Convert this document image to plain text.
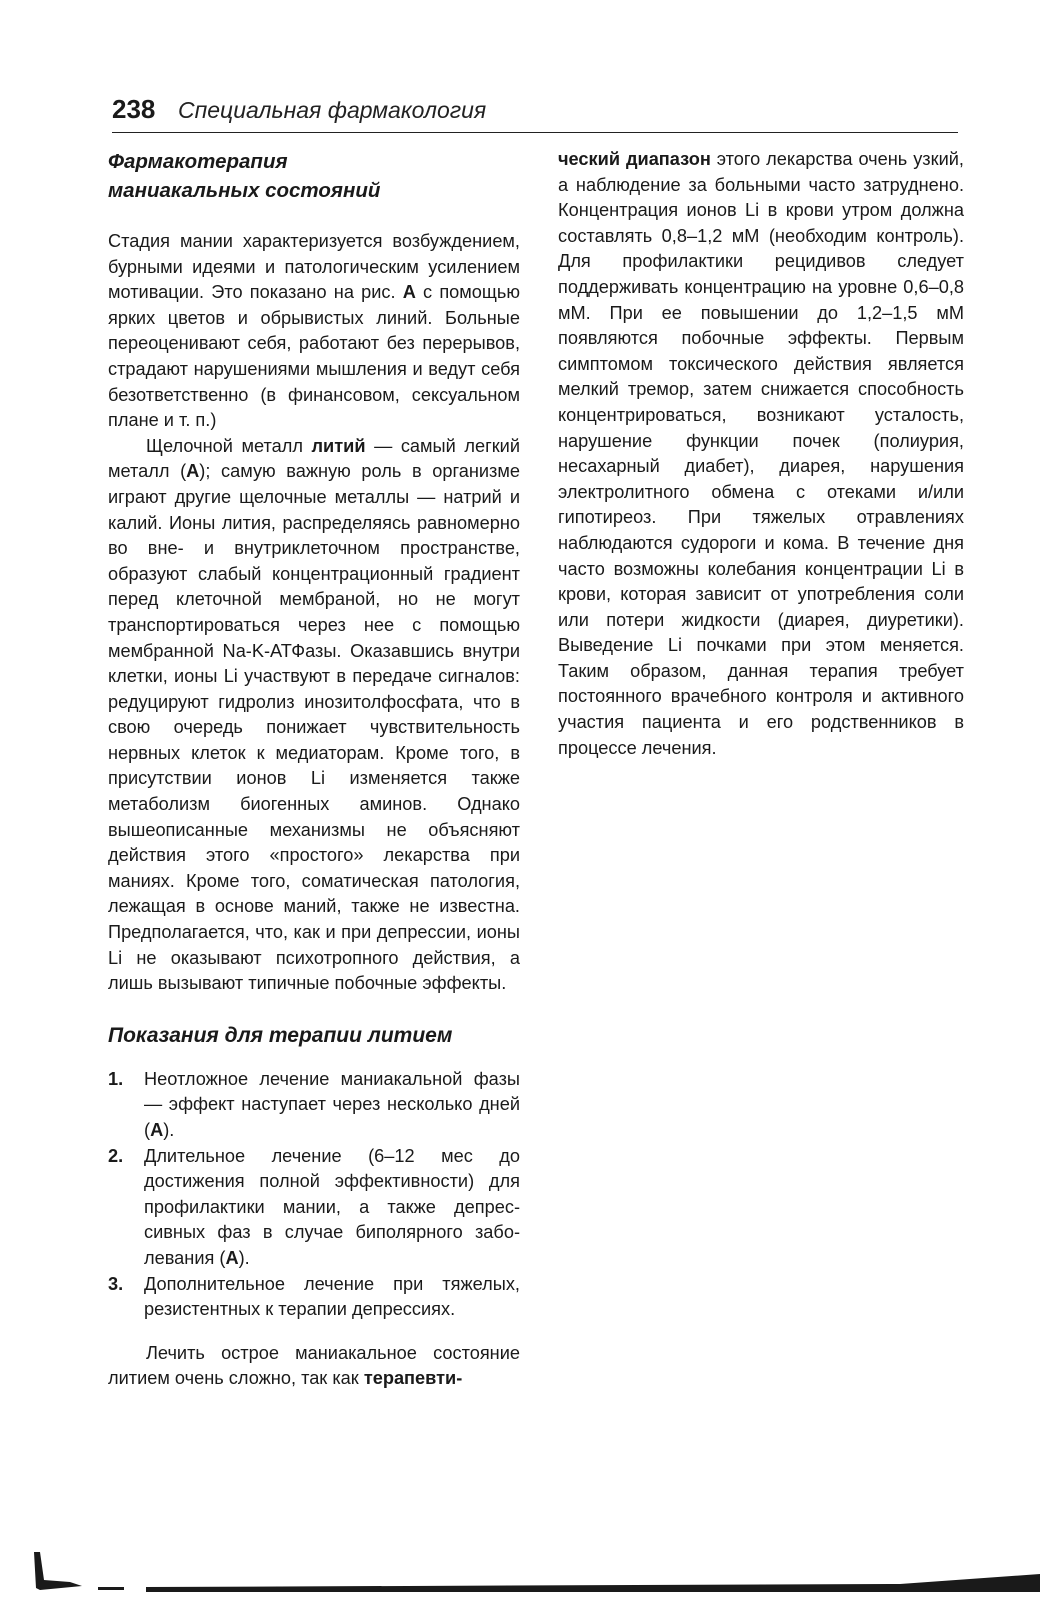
238 Специальная фармакология
Фармакотерапия
маниакальных состояний

Стадия мании характеризуется возбуждением, бурными идеями и патологическим усилением мотивации. Это показано на рис. А с помощью ярких цветов и обрывистых линий. Больные переоценивают себя, работают без перерывов, страдают нарушениями мышления и ведут себя безответственно (в финансовом, сексуальном плане и т. п.)

Щелочной металл литий — самый легкий металл (А); самую важную роль в организме играют другие щелочные металлы — натрий и калий. Ионы лития, распределяясь равномерно во вне- и внутриклеточном пространстве, образуют слабый концентрационный градиент перед клеточной мембраной, но не могут транспортироваться через нее с помощью мембранной Na-K-АТФазы. Оказавшись внутри клетки, ионы Li участвуют в передаче сигналов: редуцируют гидролиз инозитолфосфата, что в свою очередь понижает чувствительность нервных клеток к медиаторам. Кроме того, в присутствии ионов Li изменяется также метаболизм биогенных аминов. Однако вышеописанные механизмы не объясняют действия этого «простого» лекарства при маниях. Кроме того, соматическая патология, лежащая в основе маний, также не известна. Предполагается, что, как и при депрессии, ионы Li не оказывают психотропного действия, а лишь вызывают типичные побочные эффекты.

Показания для терапии литием
1. Неотложное лечение маниакальной фазы — эффект наступает через несколько дней (А).
2. Длительное лечение (6–12 мес до достижения полной эффективности) для профилактики мании, а также депрессивных фаз в случае биполярного заболевания (А).
3. Дополнительное лечение при тяжелых, резистентных к терапии депрессиях.

Лечить острое маниакальное состояние литием очень сложно, так как терапевти-

ческий диапазон этого лекарства очень узкий, а наблюдение за больными часто затруднено. Концентрация ионов Li в крови утром должна составлять 0,8–1,2 мМ (необходим контроль). Для профилактики рецидивов следует поддерживать концентрацию на уровне 0,6–0,8 мМ. При ее повышении до 1,2–1,5 мМ появляются побочные эффекты. Первым симптомом токсического действия является мелкий тремор, затем снижается способность концентрироваться, возникают усталость, нарушение функции почек (полиурия, несахарный диабет), диарея, нарушения электролитного обмена с отеками и/или гипотиреоз. При тяжелых отравлениях наблюдаются судороги и кома. В течение дня часто возможны колебания концентрации Li в крови, которая зависит от употребления соли или потери жидкости (диарея, диуретики). Выведение Li почками при этом меняется. Таким образом, данная терапия требует постоянного врачебного контроля и активного участия пациента и его родственников в процессе лечения.
